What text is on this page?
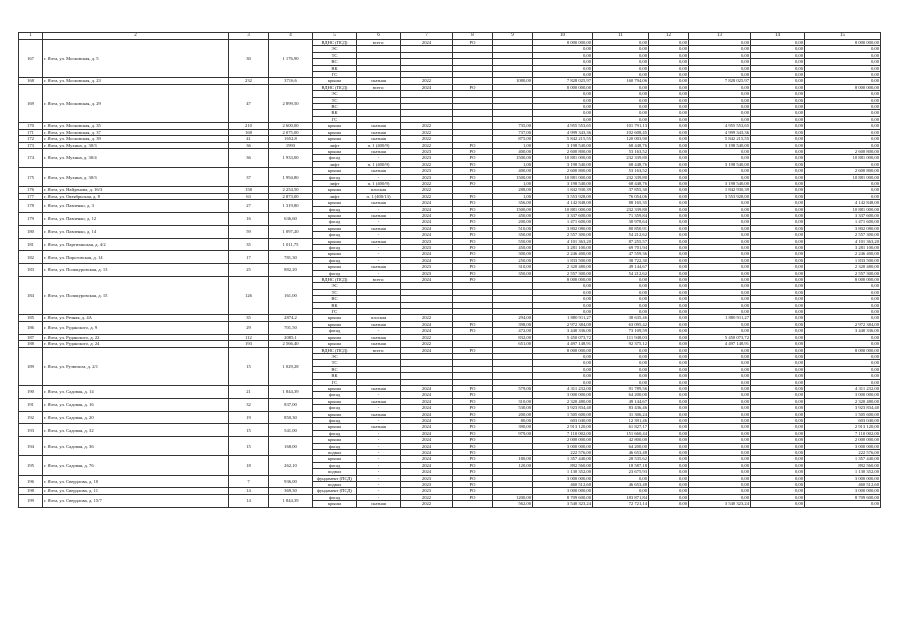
1	2	3	4	5	6	7	8	9	10	11	12	13	14	15
167	г. Ялта, ул. Московская, д. 5	30	1 176,90	ВДНС (ПСД)	всего:	2024	РО		8 000 000,00	0,00	0,00	0,00	0,00	8 000 000,00
				ЭС					0,00	0,00	0,00	0,00	0,00	0,00
				ТС					0,00	0,00	0,00	0,00	0,00	0,00
				ВС					0,00	0,00	0,00	0,00	0,00	0,00
				ВК					0,00	0,00	0,00	0,00	0,00	0,00
				ГС					0,00	0,00	0,00	0,00	0,00	0,00
168	г. Ялта, ул. Московская, д. 23	232	3716,6	крыша	скатная	2022		1080,00	7 828 025,97	160 794,06	0,00	7 828 025,97	0,00	0,00
169	г. Ялта, ул. Московская, д. 29	47	2 899,50	ВДНС (ПСД)	всего:	2024	РО		8 000 000,00	0,00	0,00	0,00	0,00	8 000 000,00
				ЭС					0,00	0,00	0,00	0,00	0,00	0,00
				ТС					0,00	0,00	0,00	0,00	0,00	0,00
				ВС					0,00	0,00	0,00	0,00	0,00	0,00
				ВК					0,00	0,00	0,00	0,00	0,00	0,00
				ГС					0,00	0,00	0,00	0,00	0,00	0,00
170	г. Ялта, ул. Московская, д. 35	210	2 600,00	крыша	скатная	2022		735,00	4 955 553,65	101 791,13	0,00	4 955 553,65	0,00	0,00
171	г. Ялта, ул. Московская, д. 37	168	2 075,00	крыша	скатная	2022		737,00	4 999 343,36	102 608,45	0,00	4 999 343,36	0,00	0,00
172	г. Ялта, ул. Московская, д. 39	41	1652,8	крыша	скатная	2022		875,00	5 842 215,55	120 003,90	0,00	5 842 215,55	0,00	0,00
173	г. Ялта, ул. Мухина, д. 30/3	36	1993	лифт	п. 1 (400/9)	2022	РО	1,00	3 198 540,00	68 448,76	0,00	3 198 540,00	0,00	0,00
174	г. Ялта, ул. Мухина, д. 30/4	36	1 933,00	крыша	скатная	2023	РО	400,00	2 600 800,00	53 163,52	0,00	0,00	0,00	2 600 800,00
				фасад	-	2023	РО	1500,00	10 881 000,00	232 339,80	0,00	0,00	0,00	10 881 000,00
				лифт	п. 1 (400/9)	2022	РО	1,00	3 198 540,00	68 448,76	0,00	3 198 540,00	0,00	0,00
175	г. Ялта, ул. Мухина, д. 30/3	37	1 994,80	крыша	скатная	2023	РО	400,00	2 600 800,00	53 163,52	0,00	0,00	0,00	2 600 800,00
				фасад	-	2023	РО	1500,00	10 881 000,00	232 339,80	0,00	0,00	0,00	10 881 000,00
				лифт	п. 1 (400/9)	2022	РО	1,00	3 198 540,00	68 448,76	0,00	3 198 540,00	0,00	0,00
176	г. Ялта, ул. Найденова, д. 16/3	158	2 254,50	крыша	плоская	2022		288,00	1 842 930,39	37 855,30	0,00	1 842 930,39	0,00	0,00
177	г. Ялта, ул. Октябрьская, д. 8	63	2 873,00	лифт	п. 1 (400/13)	2022	РО	1,00	3 553 928,00	76 054,06	0,00	3 553 928,00	0,00	0,00
178	г. Ялта, ул. Павленко, д. 3	27	1 319,80	крыша	скатная	2024	РО	356,00	4 142 848,00	88 165,35	0,00	0,00	0,00	4 142 848,00
				фасад	-	2024	РО	1500,00	10 881 000,00	232 339,80	0,00	0,00	0,00	10 881 000,00
179	г. Ялта, ул. Павленко, д. 12	16	636,60	крыша	скатная	2024	РО	450,00	3 337 600,00	71 359,84	0,00	0,00	0,00	3 337 600,00
				фасад	-	2024	РО	200,00	1 471 600,00	30 978,64	0,00	0,00	0,00	1 471 600,00
180	г. Ялта, ул. Павленко, д. 14	59	1 097,20	крыша	скатная	2024	РО	510,00	3 802 080,00	80 850,91	0,00	0,00	0,00	3 802 080,00
				фасад	-	2024	РО	350,00	2 557 300,00	54 212,62	0,00	0,00	0,00	2 557 300,00
181	г. Ялта, ул. Партизанская, д. 4/2	35	1 011,75	крыша	скатная	2023	РО	550,00	4 101 363,20	87 255,57	0,00	0,00	0,00	4 101 363,20
				фасад	-	2023	РО	450,00	3 281 100,00	69 701,94	0,00	0,00	0,00	3 281 100,00
182	г. Ялта, ул. Пироговская, д. 14	17	781,30	крыша	-	2024	РО	300,00	2 246 400,00	47 559,36	0,00	0,00	0,00	2 246 400,00
				фасад	-	2024	РО	250,00	1 833 500,00	38 722,30	0,00	0,00	0,00	1 833 500,00
183	г. Ялта, ул. Поликуровская, д. 13	25	882,20	крыша	скатная	2023	РО	310,00	2 320 480,00	49 144,67	0,00	0,00	0,00	2 320 480,00
				фасад	-	2023	РО	350,00	2 557 300,00	54 212,62	0,00	0,00	0,00	2 557 300,00
184	г. Ялта, ул. Поликуровская, д. 15	126	161,00	ВДНС (ПСД)	всего:	2024	РО		8 000 000,00	0,00	0,00	0,00	0,00	8 000 000,00
				ЭС					0,00	0,00	0,00	0,00	0,00	0,00
				ТС					0,00	0,00	0,00	0,00	0,00	0,00
				ВС					0,00	0,00	0,00	0,00	0,00	0,00
				ВК					0,00	0,00	0,00	0,00	0,00	0,00
				ГС					0,00	0,00	0,00	0,00	0,00	0,00
185	г. Ялта, ул. Речная, д. 4А	35	2874,2	крыша	плоская	2022		294,00	1 880 911,27	38 635,46	0,00	1 880 911,27	0,00	0,00
186	г. Ялта, ул. Руданского, д. 9	29	701,50	крыша	скатная	2024	РО	398,00	2 972 384,00	63 095,42	0,00	0,00	0,00	2 972 384,00
				фасад	-	2024	РО	472,00	3 440 336,00	73 109,59	0,00	0,00	0,00	3 440 336,00
187	г. Ялта, ул. Руданского, д. 22	112	2085,1	крыша	скатная	2022		832,00	5 450 073,72	111 948,03	0,00	5 450 073,72	0,00	0,00
188	г. Ялта, ул. Руданского, д. 24	193	2 566,40	крыша	скатная	2022		651,00	4 497 148,91	92 375,12	0,00	4 497 148,91	0,00	0,00
189	г. Ялта, ул. Рузвельта, д. 2/1	15	1 029,28	ВДНС (ПСД)	всего:	2024	РО		8 000 000,00	0,00	0,00	0,00	0,00	8 000 000,00
				ЭС					0,00	0,00	0,00	0,00	0,00	0,00
				ТС					0,00	0,00	0,00	0,00	0,00	0,00
				ВС					0,00	0,00	0,00	0,00	0,00	0,00
				ВК					0,00	0,00	0,00	0,00	0,00	0,00
				ГС					0,00	0,00	0,00	0,00	0,00	0,00
190	г. Ялта, ул. Садовая, д. 14	21	1 844,39	крыша	скатная	2024	РО	579,00	4 311 232,00	91 789,56	0,00	0,00	0,00	4 311 232,00
				фасад	-	2024	РО		3 000 000,00	64 200,00	0,00	0,00	0,00	3 000 000,00
191	г. Ялта, ул. Садовая, д. 16	32	837,00	крыша	скатная	2024	РО	310,00	2 320 480,00	49 144,67	0,00	0,00	0,00	2 320 480,00
				фасад	-	2024	РО	530,00	3 923 834,40	83 436,46	0,00	0,00	0,00	3 923 834,40
192	г. Ялта, ул. Садовая, д. 20	19	850,30	крыша	скатная	2024	РО	200,00	1 505 600,00	31 306,24	0,00	0,00	0,00	1 505 600,00
				фасад	-	2024	РО	80,00	603 040,00	12 391,46	0,00	0,00	0,00	603 040,00
193	г. Ялта, ул. Садовая, д. 32	15	541,00	крыша	скатная	2024	РО	390,00	2 913 120,00	61 827,17	0,00	0,00	0,00	2 913 120,00
				фасад	-	2024	РО	979,00	7 110 002,00	151 660,44	0,00	0,00	0,00	7 110 002,00
194	г. Ялта, ул. Садовая, д. 36	15	168,00	крыша	-	2024	РО		2 000 000,00	42 800,00	0,00	0,00	0,00	2 000 000,00
				фасад	-	2024	РО		3 000 000,00	64 200,00	0,00	0,00	0,00	3 000 000,00
				подвал	-	2024	РО		222 576,00	46 653,48	0,00	0,00	0,00	222 576,00
195	г. Ялта, ул. Садовая, д. 76	18	262,10	крыша	-	2024	РО	180,00	1 357 440,00	28 535,62	0,00	0,00	0,00	1 357 440,00
				фасад	-	2024	РО	120,00	892 560,00	18 587,18	0,00	0,00	0,00	892 560,00
				подвал	-	2024	РО		1 130 352,00	23 675,93	0,00	0,00	0,00	1 130 352,00
196	г. Ялта, ул. Свердлова, д. 10	7	936,00	фундамент (ПСД)	-	2023	РО		3 000 000,00	0,00	0,00	0,00	0,00	3 000 000,00
				подвал	-	2023	РО		460 512,60	46 653,48	0,00	0,00	0,00	460 512,60
198	г. Ялта, ул. Свердлова, д. 11	14	369,30	фундамент (ПСД)	-	2023	РО		3 000 000,00	0,00	0,00	0,00	0,00	3 000 000,00
199	г. Ялта, ул. Свердлова, д. 15/7	14	1 844,39	фасад	-	2022	РО	1200,00	8 709 600,00	183 871,84	0,00	0,00	0,00	8 709 600,00
				крыша	скатная	2022		562,00	3 540 323,24	72 721,14	0,00	3 540 323,24	0,00	0,00
